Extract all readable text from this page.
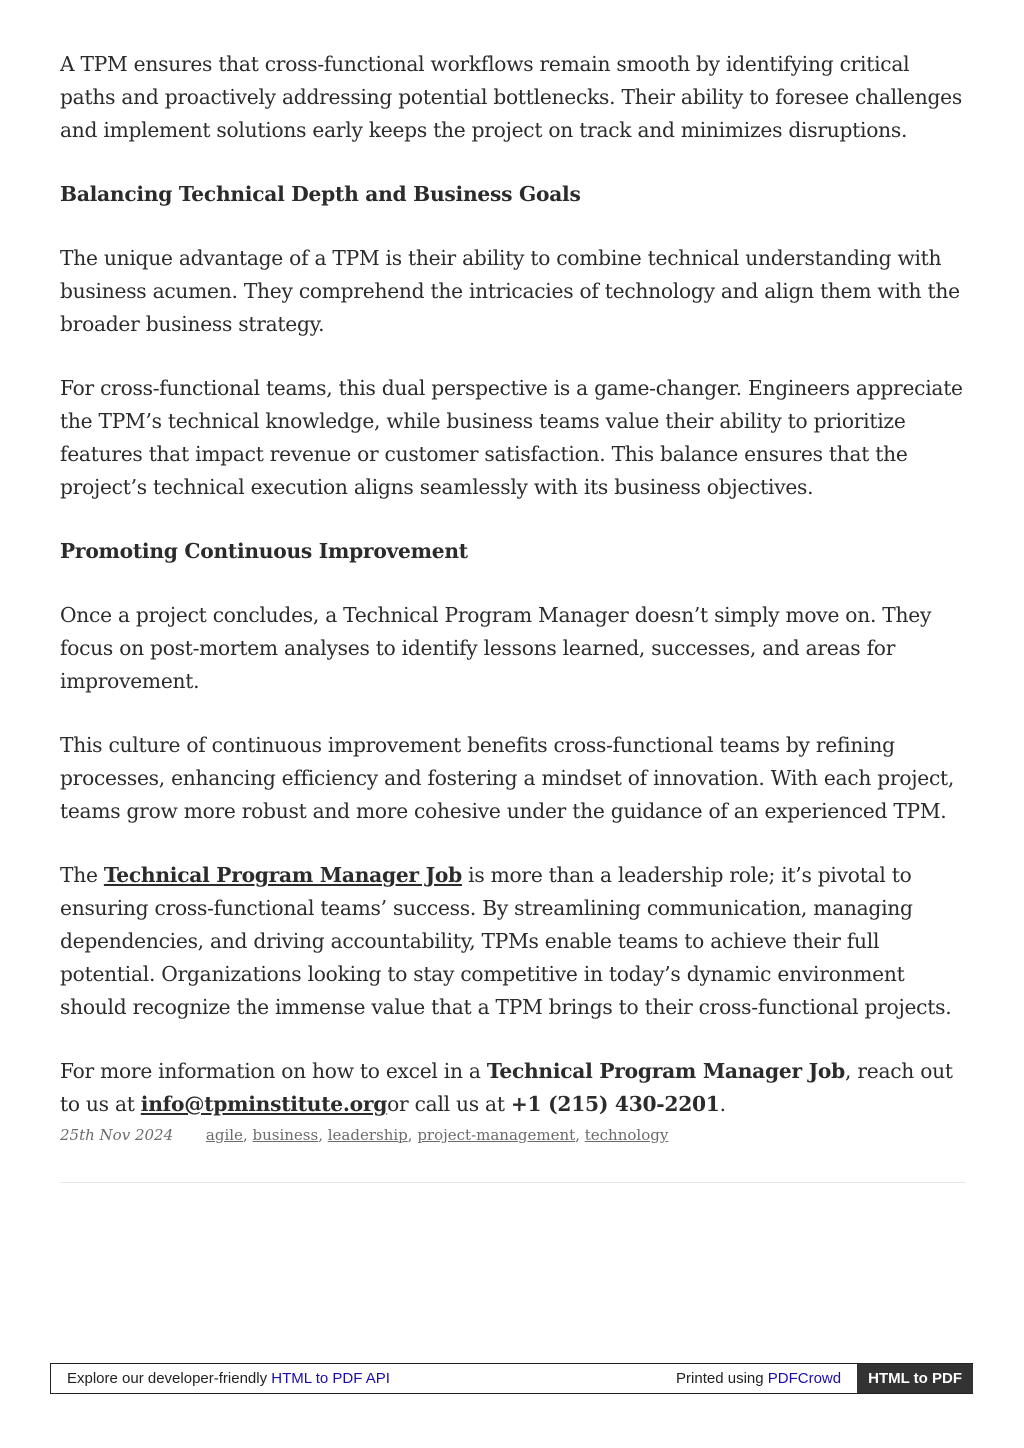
A TPM ensures that cross-functional workflows remain smooth by identifying critical paths and proactively addressing potential bottlenecks. Their ability to foresee challenges and implement solutions early keeps the project on track and minimizes disruptions.

Balancing Technical Depth and Business Goals

The unique advantage of a TPM is their ability to combine technical understanding with business acumen. They comprehend the intricacies of technology and align them with the broader business strategy.

For cross-functional teams, this dual perspective is a game-changer. Engineers appreciate the TPM’s technical knowledge, while business teams value their ability to prioritize features that impact revenue or customer satisfaction. This balance ensures that the project’s technical execution aligns seamlessly with its business objectives.

Promoting Continuous Improvement

Once a project concludes, a Technical Program Manager doesn’t simply move on. They focus on post-mortem analyses to identify lessons learned, successes, and areas for improvement.

This culture of continuous improvement benefits cross-functional teams by refining processes, enhancing efficiency and fostering a mindset of innovation. With each project, teams grow more robust and more cohesive under the guidance of an experienced TPM.

The Technical Program Manager Job is more than a leadership role; it’s pivotal to ensuring cross-functional teams’ success. By streamlining communication, managing dependencies, and driving accountability, TPMs enable teams to achieve their full potential. Organizations looking to stay competitive in today’s dynamic environment should recognize the immense value that a TPM brings to their cross-functional projects.

For more information on how to excel in a Technical Program Manager Job, reach out to us at info@tpminstitute.orgor call us at +1 (215) 430-2201.

25th Nov 2024 agile, business, leadership, project-management, technology
Explore our developer-friendly HTML to PDF API	Printed using PDFCrowd	HTML to PDF
